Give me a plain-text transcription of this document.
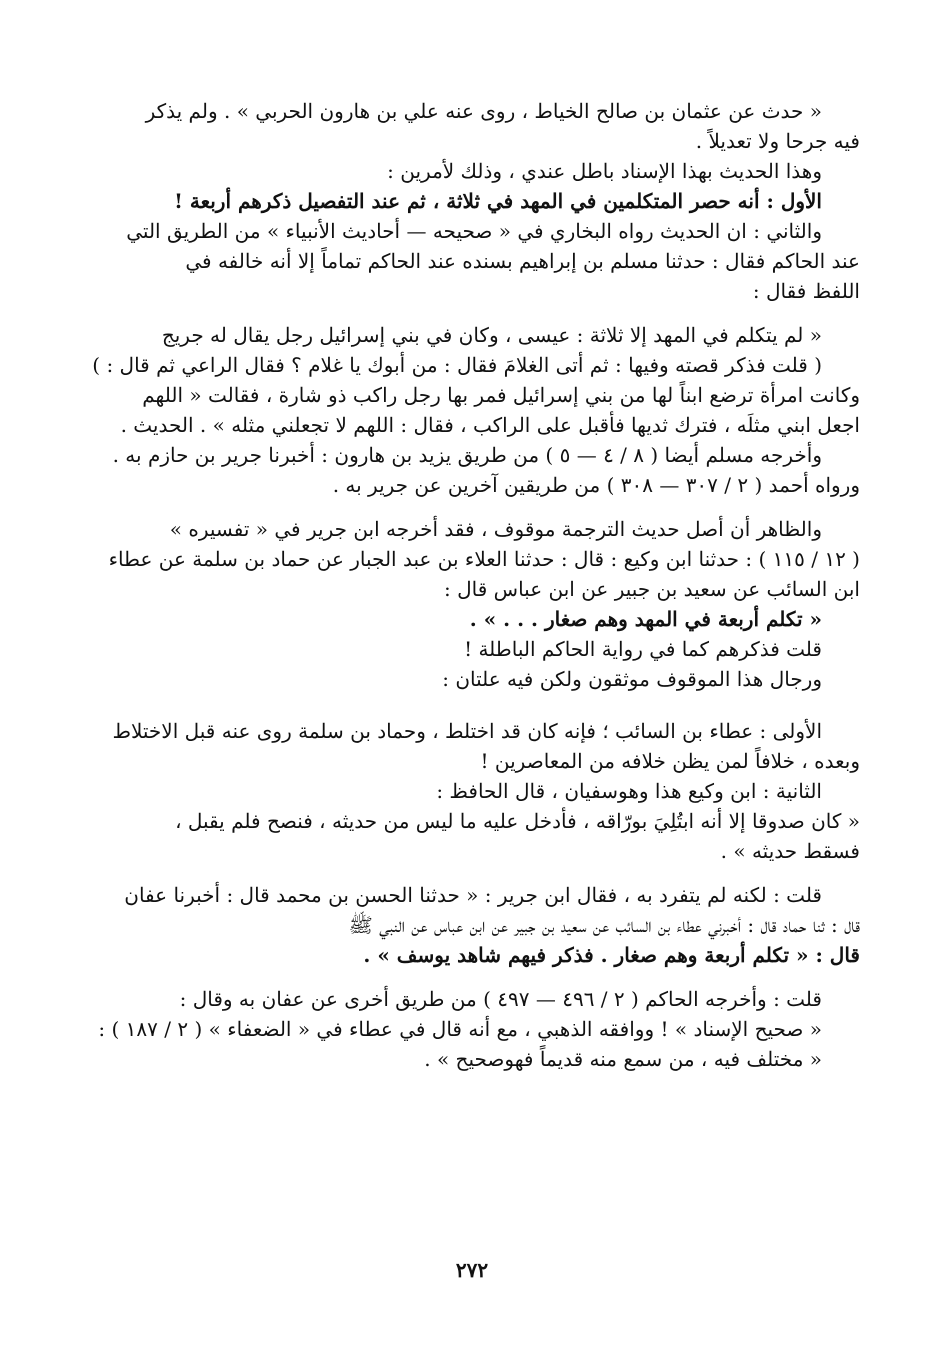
« حدث عن عثمان بن صالح الخياط ، روى عنه علي بن هارون الحربي » . ولم يذكر
فيه جرحا ولا تعديلاً .
وهذا الحديث بهذا الإسناد باطل عندي ، وذلك لأمرين :
الأول : أنه حصر المتكلمين في المهد في ثلاثة ، ثم عند التفصيل ذكرهم أربعة !
والثاني : ان الحديث رواه البخاري في « صحيحه — أحاديث الأنبياء » من الطريق التي
عند الحاكم فقال : حدثنا مسلم بن إبراهيم بسنده عند الحاكم تماماً إلا أنه خالفه في
اللفظ فقال :
« لم يتكلم في المهد إلا ثلاثة : عيسى ، وكان في بني إسرائيل رجل يقال له جريج
( قلت فذكر قصته وفيها : ثم أتى الغلامَ فقال : من أبوك يا غلام ؟ فقال الراعي ثم قال : )
وكانت امرأة ترضع ابناً لها من بني إسرائيل فمر بها رجل راكب ذو شارة ، فقالت « اللهم
اجعل ابني مثلَه ، فترك ثديها فأقبل على الراكب ، فقال : اللهم لا تجعلني مثله » . الحديث .
وأخرجه مسلم أيضا ( ٨ / ٤ — ٥ ) من طريق يزيد بن هارون : أخبرنا جرير بن حازم به .
ورواه أحمد ( ٢ / ٣٠٧ — ٣٠٨ ) من طريقين آخرين عن جرير به .
والظاهر أن أصل حديث الترجمة موقوف ، فقد أخرجه ابن جرير في « تفسيره »
( ١٢ / ١١٥ ) : حدثنا ابن وكيع : قال : حدثنا العلاء بن عبد الجبار عن حماد بن سلمة عن عطاء
ابن السائب عن سعيد بن جبير عن ابن عباس قال :
« تكلم أربعة في المهد وهم صغار . . . » .
قلت فذكرهم كما في رواية الحاكم الباطلة !
ورجال هذا الموقوف موثقون ولكن فيه علتان :
الأولى : عطاء بن السائب ؛ فإنه كان قد اختلط ، وحماد بن سلمة روى عنه قبل الاختلاط
وبعده ، خلافاً لمن يظن خلافه من المعاصرين !
الثانية : ابن وكيع هذا وهوسفيان ، قال الحافظ :
« كان صدوقا إلا أنه ابتُلِيَ بورّاقه ، فأدخل عليه ما ليس من حديثه ، فنصح فلم يقبل ،
فسقط حديثه » .
قلت : لكنه لم يتفرد به ، فقال ابن جرير : « حدثنا الحسن بن محمد قال : أخبرنا عفان
قال : ثنا حماد قال : أخبرني عطاء بن السائب عن سعيد بن جبير عن ابن عباس عن النبي ﷺ
قال : « تكلم أربعة وهم صغار . فذكر فيهم شاهد يوسف » .
قلت : وأخرجه الحاكم ( ٢ / ٤٩٦ — ٤٩٧ ) من طريق أخرى عن عفان به وقال :
« صحيح الإسناد » ! ووافقه الذهبي ، مع أنه قال في عطاء في « الضعفاء » ( ٢ / ١٨٧ ) :
« مختلف فيه ، من سمع منه قديماً فهوصحيح » .
٢٧٢
